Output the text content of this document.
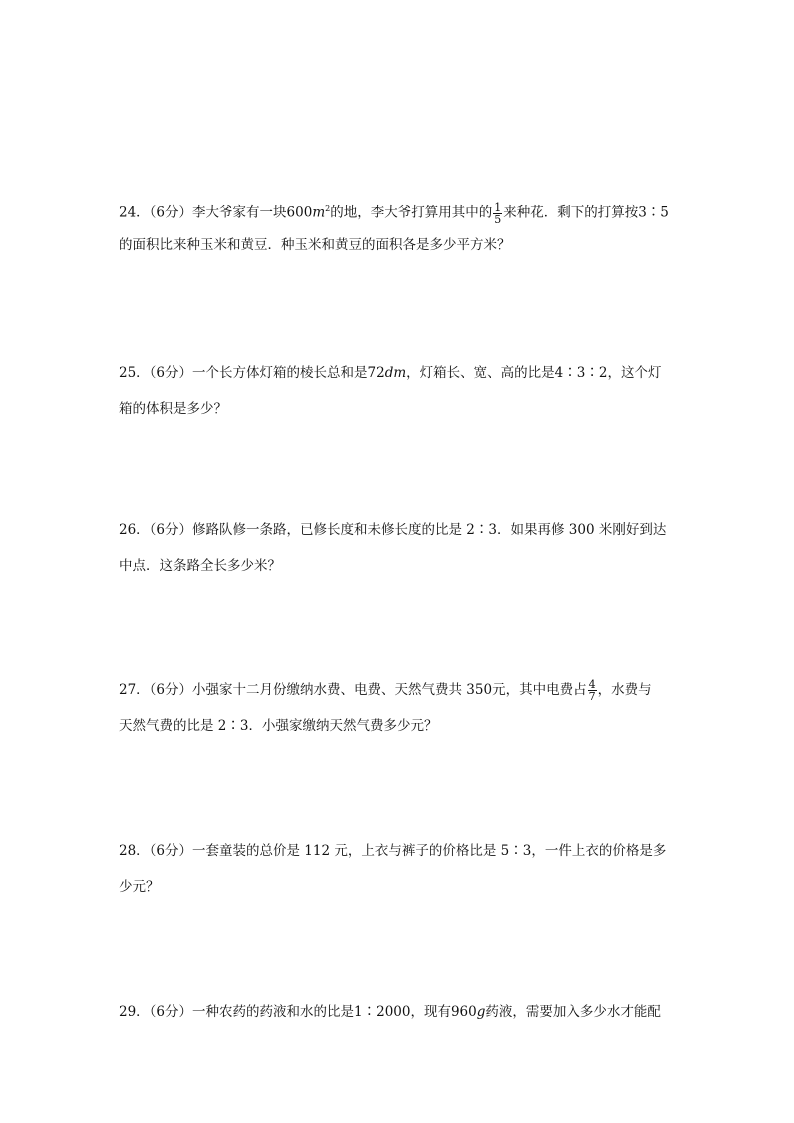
24．（6分）李大爷家有一块$600m^2$的地，李大爷打算用其中的 $\frac{1}{5}$ 来种花．剩下的打算按3∶5
的面积比来种玉米和黄豆．种玉米和黄豆的面积各是多少平方米？
25．（6分）一个长方体灯箱的棱长总和是72dm，灯箱长、宽、高的比是4∶3∶2，这个灯
箱的体积是多少？
26．（6分）修路队修一条路，已修长度和未修长度的比是 2∶3．如果再修 300 米刚好到达
中点．这条路全长多少米？
27．（6分）小强家十二月份缴纳水费、电费、天然气费共 350元，其中电费占 $\frac{4}{7}$ ，水费与
天然气费的比是 2∶3．小强家缴纳天然气费多少元？
28．（6分）一套童装的总价是 112 元，上衣与裤子的价格比是 5∶3，一件上衣的价格是多
少元？
29．（6分）一种农药的药液和水的比是1∶2000，现有960g药液，需要加入多少水才能配
